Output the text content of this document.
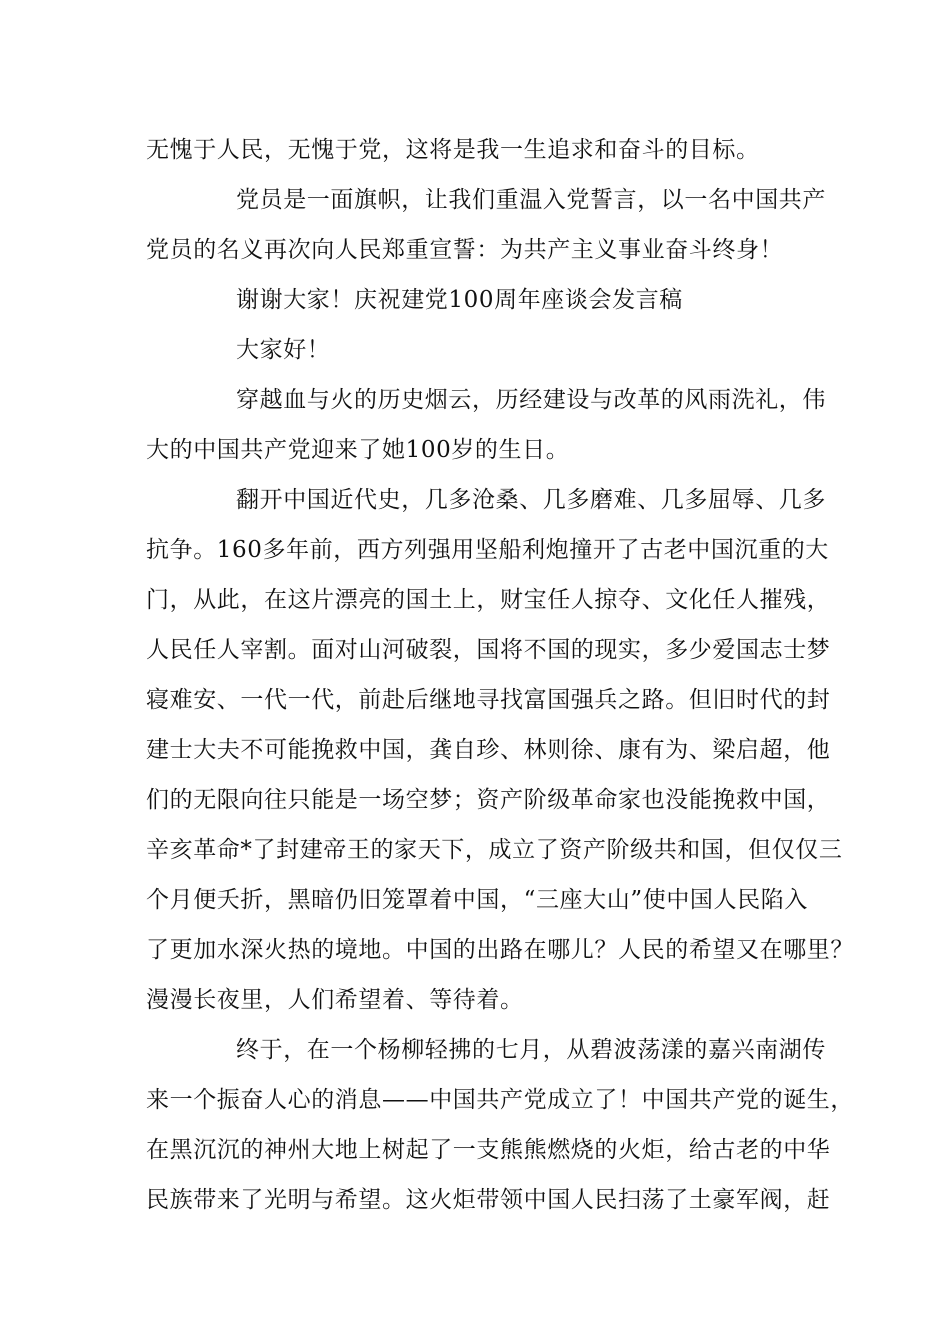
无愧于人民，无愧于党，这将是我一生追求和奋斗的目标。
党员是一面旗帜，让我们重温入党誓言，以一名中国共产
党员的名义再次向人民郑重宣誓：为共产主义事业奋斗终身！
谢谢大家！庆祝建党100周年座谈会发言稿
大家好！
穿越血与火的历史烟云，历经建设与改革的风雨洗礼，伟
大的中国共产党迎来了她100岁的生日。
翻开中国近代史，几多沧桑、几多磨难、几多屈辱、几多
抗争。160多年前，西方列强用坚船利炮撞开了古老中国沉重的大
门，从此，在这片漂亮的国土上，财宝任人掠夺、文化任人摧残，
人民任人宰割。面对山河破裂，国将不国的现实，多少爱国志士梦
寝难安、一代一代，前赴后继地寻找富国强兵之路。但旧时代的封
建士大夫不可能挽救中国，龚自珍、林则徐、康有为、梁启超，他
们的无限向往只能是一场空梦；资产阶级革命家也没能挽救中国，
辛亥革命*了封建帝王的家天下，成立了资产阶级共和国，但仅仅三
个月便夭折，黑暗仍旧笼罩着中国，“三座大山”使中国人民陷入
了更加水深火热的境地。中国的出路在哪儿？人民的希望又在哪里？
漫漫长夜里，人们希望着、等待着。
终于，在一个杨柳轻拂的七月，从碧波荡漾的嘉兴南湖传
来一个振奋人心的消息——中国共产党成立了！中国共产党的诞生，
在黑沉沉的神州大地上树起了一支熊熊燃烧的火炬，给古老的中华
民族带来了光明与希望。这火炬带领中国人民扫荡了土豪军阀，赶
